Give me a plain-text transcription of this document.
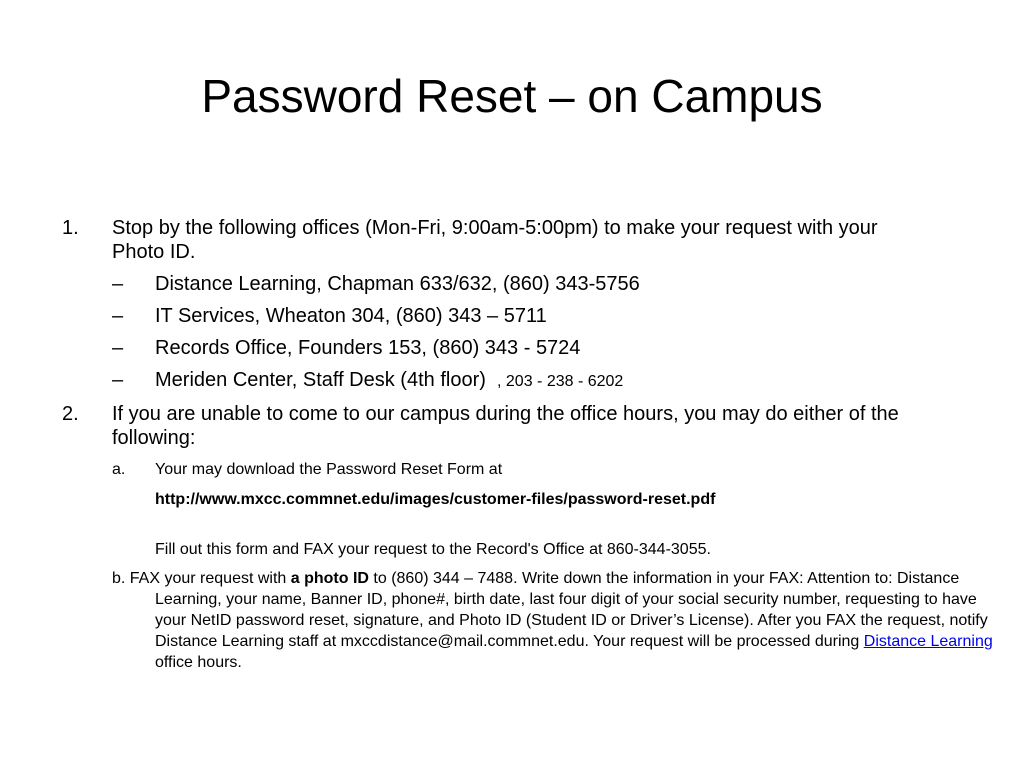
Password Reset – on Campus
1. Stop by the following offices (Mon-Fri, 9:00am-5:00pm) to make your request with your Photo ID.
– Distance Learning, Chapman 633/632, (860) 343-5756
– IT Services, Wheaton 304, (860) 343 – 5711
– Records Office, Founders 153, (860) 343 - 5724
– Meriden Center, Staff Desk (4th floor) , 203 - 238 - 6202
2. If you are unable to come to our campus during the office hours, you may do either of the following:
a. Your may download the Password Reset Form at
http://www.mxcc.commnet.edu/images/customer-files/password-reset.pdf
Fill out this form and FAX your request to the Record's Office at 860-344-3055.
b. FAX your request with a photo ID to (860) 344 – 7488. Write down the information in your FAX: Attention to: Distance Learning, your name, Banner ID, phone#, birth date, last four digit of your social security number, requesting to have your NetID password reset, signature, and Photo ID (Student ID or Driver’s License). After you FAX the request, notify Distance Learning staff at mxccdistance@mail.commnet.edu. Your request will be processed during Distance Learning office hours.
